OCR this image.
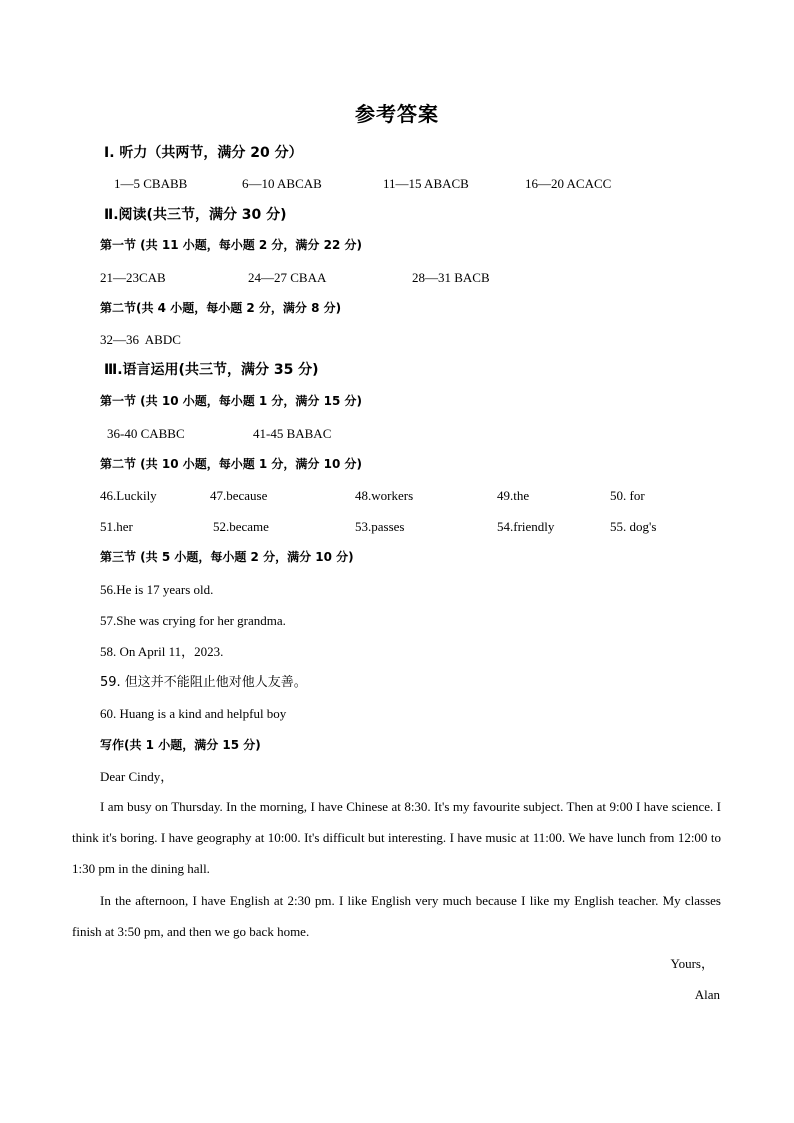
参考答案
Ⅰ. 听力（共两节，满分 20 分）
1—5 CBABB	6—10 ABCAB	11—15 ABACB	16—20 ACACC
Ⅱ.阅读(共三节，满分 30 分)
第一节 (共 11 小题，每小题 2 分，满分 22 分)
21—23CAB	24—27 CBAA	28—31 BACB
第二节(共 4 小题，每小题 2 分，满分 8 分)
32—36  ABDC
Ⅲ.语言运用(共三节，满分 35 分)
第一节 (共 10 小题，每小题 1 分，满分 15 分)
36-40 CABBC	41-45 BABAC
第二节 (共 10 小题，每小题 1 分，满分 10 分)
46.Luckily	47.because	48.workers	49.the	50. for
51.her	52.became	53.passes	54.friendly	55. dog's
第三节 (共 5 小题，每小题 2 分，满分 10 分)
56.He is 17 years old.
57.She was crying for her grandma.
58. On April 11，2023.
59. 但这并不能阻止他对他人友善。
60. Huang is a kind and helpful boy
写作(共 1 小题，满分 15 分)
Dear Cindy，
I am busy on Thursday. In the morning, I have Chinese at 8:30. It's my favourite subject. Then at 9:00 I have science. I think it's boring. I have geography at 10:00. It's difficult but interesting. I have music at 11:00. We have lunch from 12:00 to 1:30 pm in the dining hall.
In the afternoon, I have English at 2:30 pm. I like English very much because I like my English teacher. My classes finish at 3:50 pm, and then we go back home.
Yours，
Alan
